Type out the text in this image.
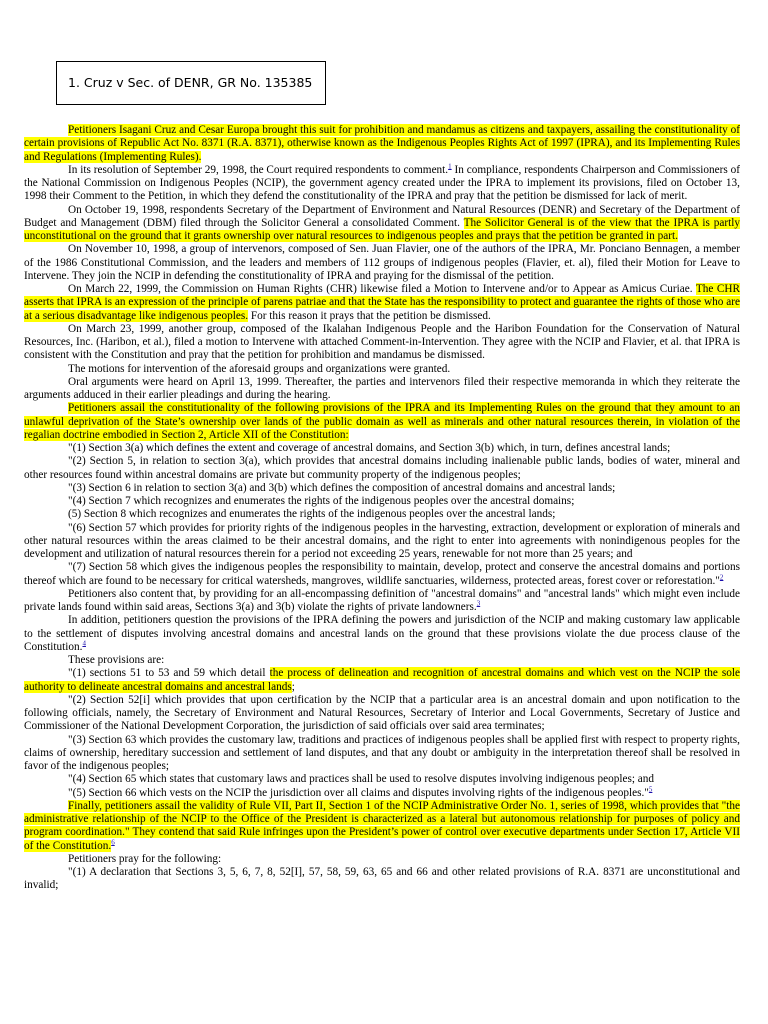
1. Cruz v Sec. of DENR, GR No. 135385

Petitioners Isagani Cruz and Cesar Europa brought this suit for prohibition and mandamus as citizens and taxpayers, assailing the constitutionality of certain provisions of Republic Act No. 8371 (R.A. 8371), otherwise known as the Indigenous Peoples Rights Act of 1997 (IPRA), and its Implementing Rules and Regulations (Implementing Rules).

In its resolution of September 29, 1998, the Court required respondents to comment.$^1$ In compliance, respondents Chairperson and Commissioners of the National Commission on Indigenous Peoples (NCIP), the government agency created under the IPRA to implement its provisions, filed on October 13, 1998 their Comment to the Petition, in which they defend the constitutionality of the IPRA and pray that the petition be dismissed for lack of merit.

On October 19, 1998, respondents Secretary of the Department of Environment and Natural Resources (DENR) and Secretary of the Department of Budget and Management (DBM) filed through the Solicitor General a consolidated Comment. The Solicitor General is of the view that the IPRA is partly unconstitutional on the ground that it grants ownership over natural resources to indigenous peoples and prays that the petition be granted in part.

On November 10, 1998, a group of intervenors, composed of Sen. Juan Flavier, one of the authors of the IPRA, Mr. Ponciano Bennagen, a member of the 1986 Constitutional Commission, and the leaders and members of 112 groups of indigenous peoples (Flavier, et. al), filed their Motion for Leave to Intervene. They join the NCIP in defending the constitutionality of IPRA and praying for the dismissal of the petition.

On March 22, 1999, the Commission on Human Rights (CHR) likewise filed a Motion to Intervene and/or to Appear as Amicus Curiae. The CHR asserts that IPRA is an expression of the principle of parens patriae and that the State has the responsibility to protect and guarantee the rights of those who are at a serious disadvantage like indigenous peoples. For this reason it prays that the petition be dismissed.

On March 23, 1999, another group, composed of the Ikalahan Indigenous People and the Haribon Foundation for the Conservation of Natural Resources, Inc. (Haribon, et al.), filed a motion to Intervene with attached Comment-in-Intervention. They agree with the NCIP and Flavier, et al. that IPRA is consistent with the Constitution and pray that the petition for prohibition and mandamus be dismissed.

The motions for intervention of the aforesaid groups and organizations were granted.

Oral arguments were heard on April 13, 1999. Thereafter, the parties and intervenors filed their respective memoranda in which they reiterate the arguments adduced in their earlier pleadings and during the hearing.

Petitioners assail the constitutionality of the following provisions of the IPRA and its Implementing Rules on the ground that they amount to an unlawful deprivation of the State’s ownership over lands of the public domain as well as minerals and other natural resources therein, in violation of the regalian doctrine embodied in Section 2, Article XII of the Constitution:

"(1) Section 3(a) which defines the extent and coverage of ancestral domains, and Section 3(b) which, in turn, defines ancestral lands;

"(2) Section 5, in relation to section 3(a), which provides that ancestral domains including inalienable public lands, bodies of water, mineral and other resources found within ancestral domains are private but community property of the indigenous peoples;

"(3) Section 6 in relation to section 3(a) and 3(b) which defines the composition of ancestral domains and ancestral lands;

"(4) Section 7 which recognizes and enumerates the rights of the indigenous peoples over the ancestral domains;

(5) Section 8 which recognizes and enumerates the rights of the indigenous peoples over the ancestral lands;

"(6) Section 57 which provides for priority rights of the indigenous peoples in the harvesting, extraction, development or exploration of minerals and other natural resources within the areas claimed to be their ancestral domains, and the right to enter into agreements with nonindigenous peoples for the development and utilization of natural resources therein for a period not exceeding 25 years, renewable for not more than 25 years; and

"(7) Section 58 which gives the indigenous peoples the responsibility to maintain, develop, protect and conserve the ancestral domains and portions thereof which are found to be necessary for critical watersheds, mangroves, wildlife sanctuaries, wilderness, protected areas, forest cover or reforestation."$^2$

Petitioners also content that, by providing for an all-encompassing definition of "ancestral domains" and "ancestral lands" which might even include private lands found within said areas, Sections 3(a) and 3(b) violate the rights of private landowners.$^3$

In addition, petitioners question the provisions of the IPRA defining the powers and jurisdiction of the NCIP and making customary law applicable to the settlement of disputes involving ancestral domains and ancestral lands on the ground that these provisions violate the due process clause of the Constitution.$^4$

These provisions are:

"(1) sections 51 to 53 and 59 which detail the process of delineation and recognition of ancestral domains and which vest on the NCIP the sole authority to delineate ancestral domains and ancestral lands;

"(2) Section 52[i] which provides that upon certification by the NCIP that a particular area is an ancestral domain and upon notification to the following officials, namely, the Secretary of Environment and Natural Resources, Secretary of Interior and Local Governments, Secretary of Justice and Commissioner of the National Development Corporation, the jurisdiction of said officials over said area terminates;

"(3) Section 63 which provides the customary law, traditions and practices of indigenous peoples shall be applied first with respect to property rights, claims of ownership, hereditary succession and settlement of land disputes, and that any doubt or ambiguity in the interpretation thereof shall be resolved in favor of the indigenous peoples;

"(4) Section 65 which states that customary laws and practices shall be used to resolve disputes involving indigenous peoples; and

"(5) Section 66 which vests on the NCIP the jurisdiction over all claims and disputes involving rights of the indigenous peoples."$^5$

Finally, petitioners assail the validity of Rule VII, Part II, Section 1 of the NCIP Administrative Order No. 1, series of 1998, which provides that "the administrative relationship of the NCIP to the Office of the President is characterized as a lateral but autonomous relationship for purposes of policy and program coordination." They contend that said Rule infringes upon the President’s power of control over executive departments under Section 17, Article VII of the Constitution.$^6$

Petitioners pray for the following:

"(1) A declaration that Sections 3, 5, 6, 7, 8, 52[I], 57, 58, 59, 63, 65 and 66 and other related provisions of R.A. 8371 are unconstitutional and invalid;
